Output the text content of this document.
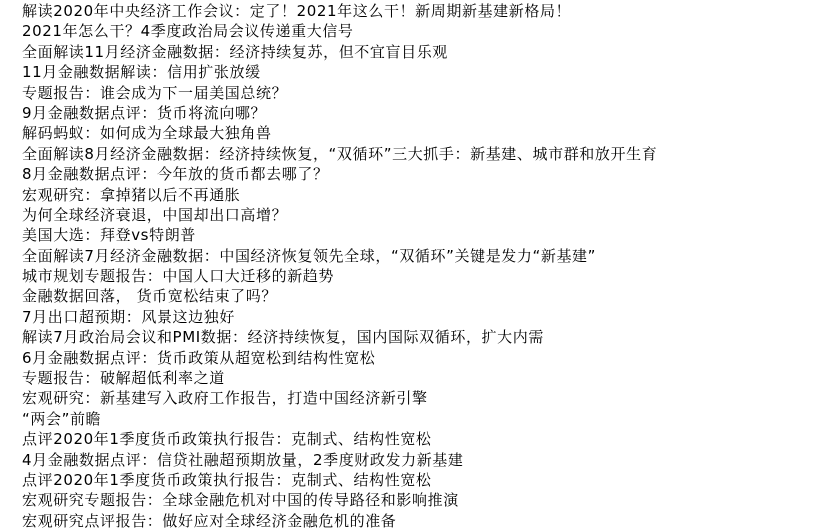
解读2020年中央经济工作会议：定了！2021年这么干！新周期新基建新格局！
2021年怎么干？4季度政治局会议传递重大信号
全面解读11月经济金融数据：经济持续复苏，但不宜盲目乐观
11月金融数据解读：信用扩张放缓
专题报告：谁会成为下一届美国总统？
9月金融数据点评：货币将流向哪？
解码蚂蚁：如何成为全球最大独角兽
全面解读8月经济金融数据：经济持续恢复，“双循环”三大抓手：新基建、城市群和放开生育
8月金融数据点评：今年放的货币都去哪了？
宏观研究：拿掉猪以后不再通胀
为何全球经济衰退，中国却出口高增？
美国大选：拜登vs特朗普
全面解读7月经济金融数据：中国经济恢复领先全球，“双循环”关键是发力“新基建”
城市规划专题报告：中国人口大迁移的新趋势
金融数据回落， 货币宽松结束了吗？
7月出口超预期：风景这边独好
解读7月政治局会议和PMI数据：经济持续恢复，国内国际双循环，扩大内需
6月金融数据点评：货币政策从超宽松到结构性宽松
专题报告：破解超低利率之道
宏观研究：新基建写入政府工作报告，打造中国经济新引擎
“两会”前瞻
点评2020年1季度货币政策执行报告：克制式、结构性宽松
4月金融数据点评：信贷社融超预期放量，2季度财政发力新基建
点评2020年1季度货币政策执行报告：克制式、结构性宽松
宏观研究专题报告：全球金融危机对中国的传导路径和影响推演
宏观研究点评报告：做好应对全球经济金融危机的准备
